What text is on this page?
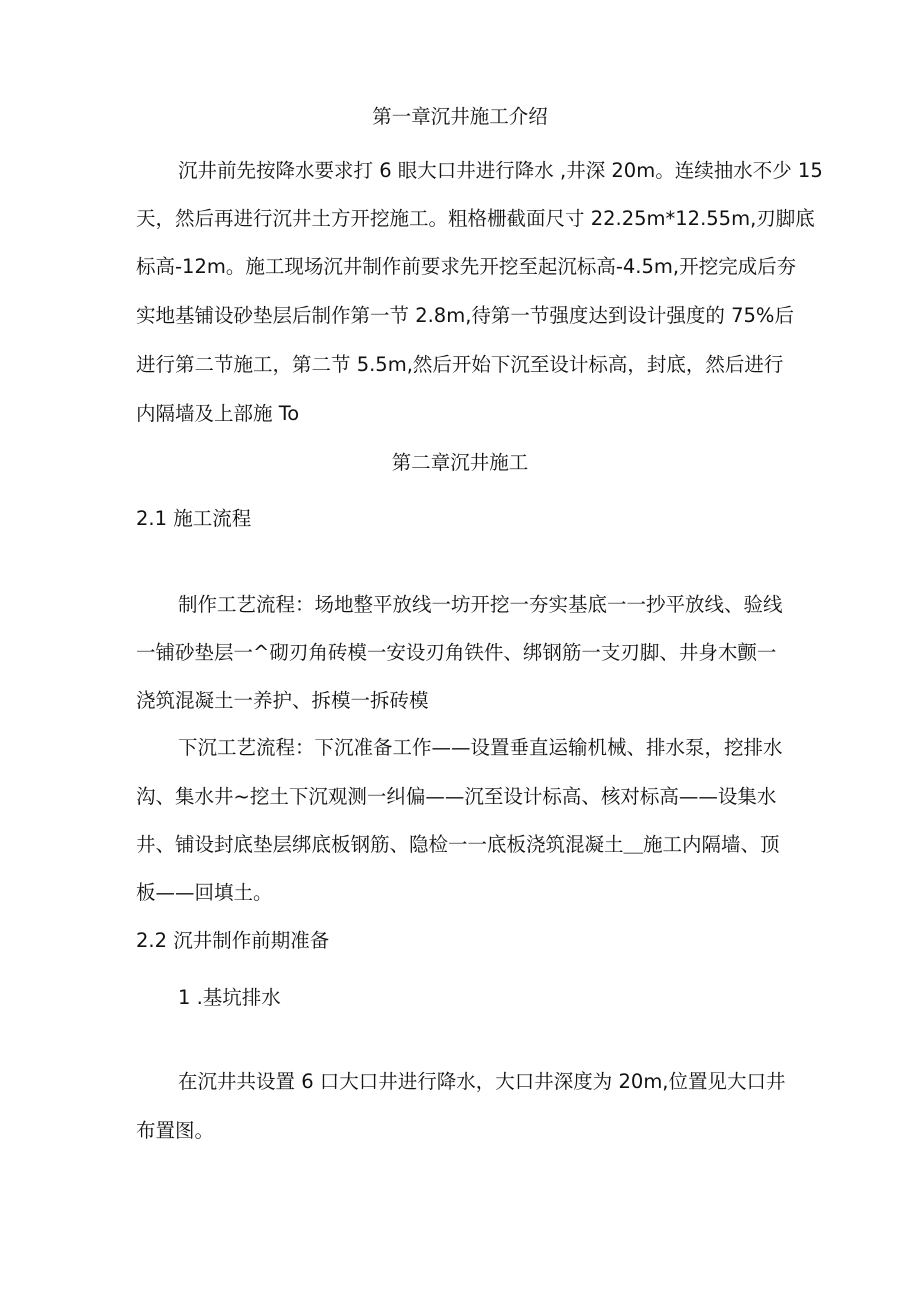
第一章沉井施工介绍
沉井前先按降水要求打 6 眼大口井进行降水 ,井深 20m。连续抽水不少 15
天，然后再进行沉井土方开挖施工。粗格栅截面尺寸 22.25m*12.55m,刃脚底
标高-12m。施工现场沉井制作前要求先开挖至起沉标高-4.5m,开挖完成后夯
实地基铺设砂垫层后制作第一节 2.8m,待第一节强度达到设计强度的 75%后
进行第二节施工，第二节 5.5m,然后开始下沉至设计标高，封底，然后进行
内隔墙及上部施 To
第二章沉井施工
2.1 施工流程
制作工艺流程：场地整平放线一坊开挖一夯实基底一一抄平放线、验线
一铺砂垫层一^砌刃角砖模一安设刃角铁件、绑钢筋一支刃脚、井身木颤一
浇筑混凝土一养护、拆模一拆砖模
下沉工艺流程：下沉准备工作——设置垂直运输机械、排水泵，挖排水
沟、集水井~挖土下沉观测一纠偏——沉至设计标高、核对标高——设集水
井、铺设封底垫层绑底板钢筋、隐检一一底板浇筑混凝土＿施工内隔墙、顶
板——回填土。
2.2 沉井制作前期准备
1 .基坑排水
在沉井共设置 6 口大口井进行降水，大口井深度为 20m,位置见大口井
布置图。
